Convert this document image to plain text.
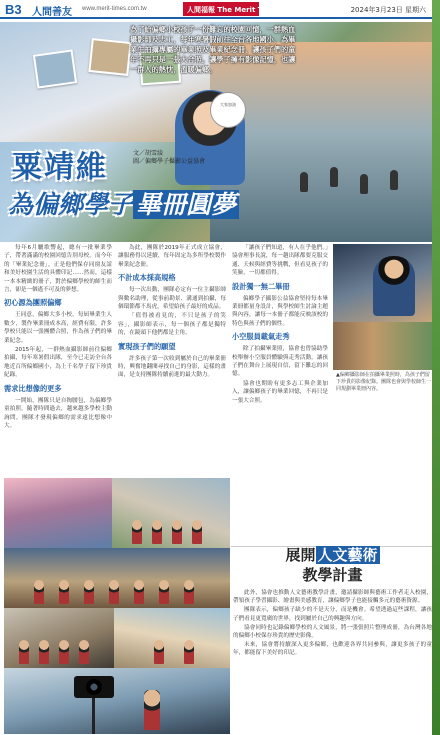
B3 人間善友 www.merit-times.com.tw	人間福報 The Merit Times	2024年3月23日 星期六
大家加油
為了給偏鄉小校孩子一份難忘的校園回憶，一群熱血攝影師及志工，每年寒暑假前往全台各地國小，為畢業生拍攝專屬的畢業照及畢業紀念冊，讓孩子們的童年不再只是一張大合照。讓學子擁有影像記憶，也讓一群人的熱忱，溫暖偏鄉。
粟靖維	文／胡雪綾
圖／偏鄉學子攝影公益協會
為偏鄉學子 畢冊圓夢

每年6月驪歌響起，總有一批畢業學子，帶著滿滿的校園回憶告別母校。而今年的「畢業紀念冊」，正是他們保存同窗友誼和美好校園生活的具體印記……然而，這樣一本本精緻的冊子，對於偏鄉學校的師生而言，卻是一個遙不可及的夢想。

初心源為團照偏鄉

王同意，偏鄉大多小校，每屆畢業生人數少，製作畢業冊成本高，經費有限，許多學校只能以一張團體合照，作為孩子們的畢業紀念。

2015年起，一群熱血攝影師前往偏鄉拍攝，每年寒暑假出隊，至今已走訪全台各地近百所偏鄉國小，為上千名學子留下珍貴紀錄。

需求比想像的更多

一開始，團隊只是自掏腰包，為偏鄉學童拍照。隨著時間過去，越來越多學校主動詢問，團隊才發現偏鄉的需求遠比想像中大。

為此，團隊於2019年正式成立協會，讓服務得以延續，每年固定為多所學校製作畢業紀念冊。

不計成本採高規格

每一次出動，團隊必定有一位主攝影師與數名助理，從事前勘景、溝通到拍攝，每個環節都不馬虎，希望給孩子最好的成品。

「值得被看見的，不只是孩子的笑容」，攝影師表示，每一個孩子都是獨特的，在鏡頭下他們都是主角。

實現孩子們的願望

許多孩子第一次收到屬於自己的畢業冊時，興奮地翻閱尋找自己的身影，這樣的畫面，是支持團隊持續前進的最大動力。

「讓孩子們知道，有人在乎他們。」協會理事長說，每一趟出隊都要克服交通、天候與經費等挑戰，但看見孩子的笑臉，一切都值得。

設計獨一無二畢冊

偏鄉學子攝影公益協會堅持每本畢業冊都量身設計，與學校師生討論主題與內容，讓每一本冊子都能反映該校的特色與孩子們的個性。

小空服員載氣走秀

除了拍攝畢業照，協會也曾協助學校舉辦小空服員體驗與走秀活動，讓孩子們在舞台上展現自信，留下難忘的回憶。

協會也期盼有更多志工與企業加入，讓偏鄉孩子的畢業回憶，不再只是一張大合照。

▲偏鄉攝影師在拍攝畢業照時，為孩子們留下珍貴的影像紀錄。團隊也會與學校師生一同規劃畢業冊內容。
展開 人文藝術
教學計畫

此外，協會也推動人文藝術教學計畫，邀請攝影師與藝術工作者走入校園，帶領孩子學習攝影、繪畫與美感教育，讓偏鄉學子也能接觸多元的藝術資源。

團隊表示，偏鄉孩子缺少的不是天分，而是機會。希望透過這些課程，讓孩子們看見更寬廣的世界，找到屬於自己的興趣與方向。

協會同時也記錄偏鄉學校的人文風景，將一張張照片整理成冊，為台灣各地的偏鄉小校保存珍貴的歷史影像。

未來，協會將持續深入更多偏鄉，也歡迎各界共同參與，讓更多孩子的童年，都能留下美好的印記。
